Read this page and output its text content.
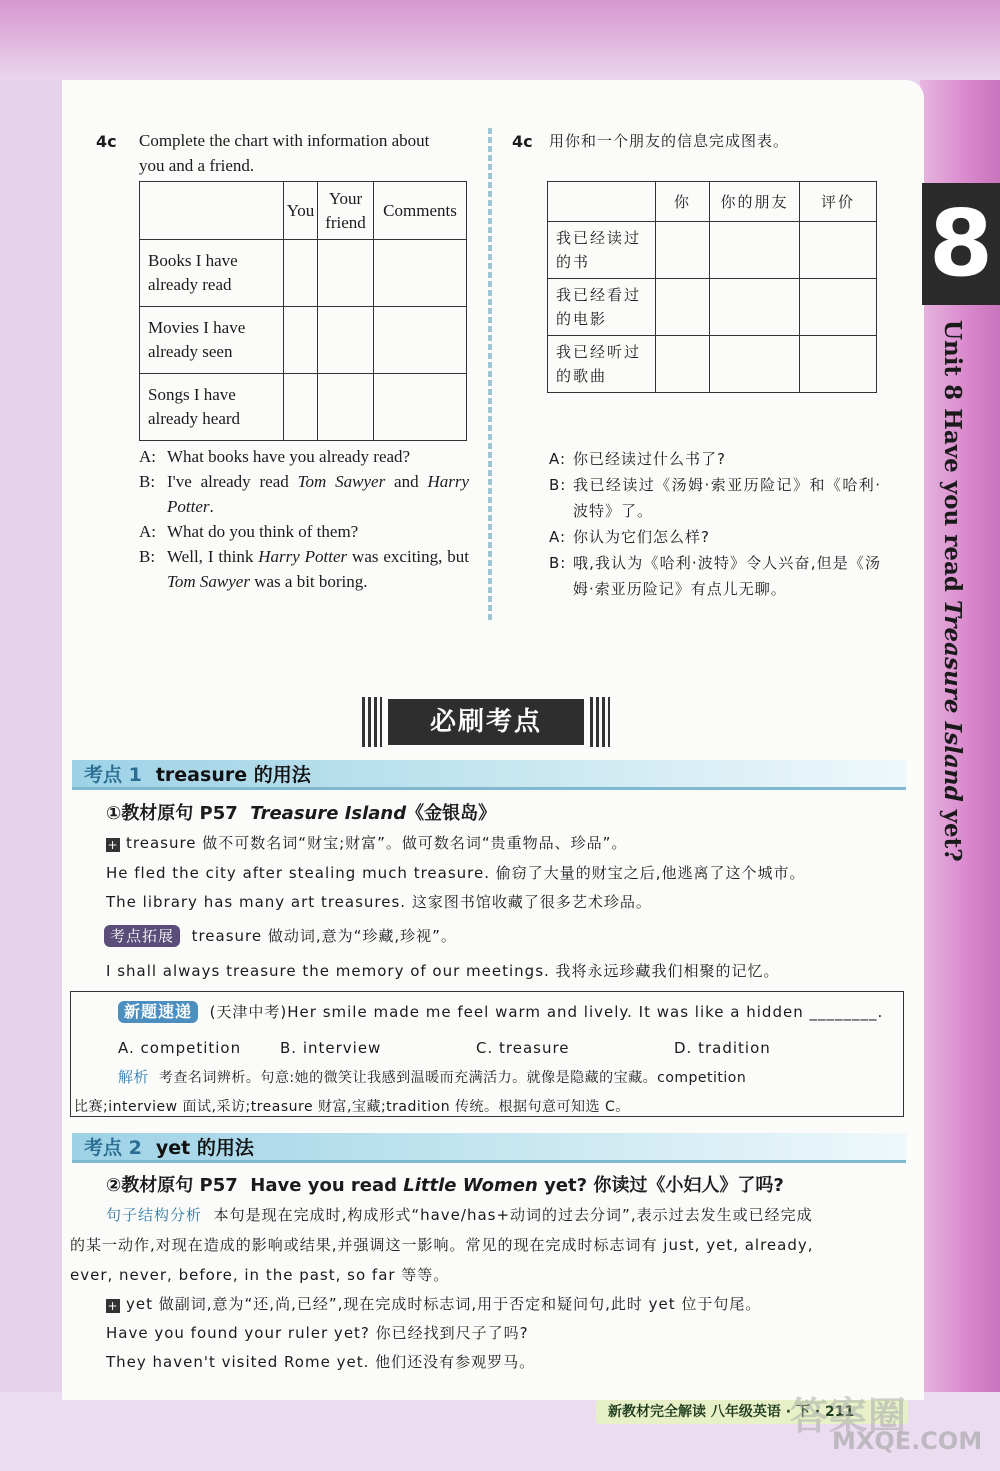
8
Unit 8 Have you read Treasure Island yet?
4c Complete the chart with information about
you and a friend.
	You	Your friend	Comments
Books I have already read			
Movies I have already seen			
Songs I have already heard			
A: What books have you already read?
B: I've already read Tom Sawyer and Harry Potter.
A: What do you think of them?
B: Well, I think Harry Potter was exciting, but Tom Sawyer was a bit boring.
4c 用你和一个朋友的信息完成图表。
	你	你的朋友	评价
我已经读过的书			
我已经看过的电影			
我已经听过的歌曲			
A: 你已经读过什么书了?
B: 我已经读过《汤姆·索亚历险记》和《哈利·波特》了。
A: 你认为它们怎么样?
B: 哦,我认为《哈利·波特》令人兴奋,但是《汤姆·索亚历险记》有点儿无聊。
必刷考点
考点 1 treasure 的用法
①教材原句 P57 Treasure Island《金银岛》
+ treasure 做不可数名词“财宝;财富”。做可数名词“贵重物品、珍品”。
He fled the city after stealing much treasure. 偷窃了大量的财宝之后,他逃离了这个城市。
The library has many art treasures. 这家图书馆收藏了很多艺术珍品。
考点拓展 treasure 做动词,意为“珍藏,珍视”。
I shall always treasure the memory of our meetings. 我将永远珍藏我们相聚的记忆。
新题速递 (天津中考)Her smile made me feel warm and lively. It was like a hidden ________.
A. competition	B. interview	C. treasure	D. tradition
解析 考查名词辨析。句意:她的微笑让我感到温暖而充满活力。就像是隐藏的宝藏。competition
比赛;interview 面试,采访;treasure 财富,宝藏;tradition 传统。根据句意可知选 C。
考点 2 yet 的用法
②教材原句 P57 Have you read Little Women yet? 你读过《小妇人》了吗?
句子结构分析 本句是现在完成时,构成形式“have/has+动词的过去分词”,表示过去发生或已经完成
的某一动作,对现在造成的影响或结果,并强调这一影响。常见的现在完成时标志词有 just, yet, already,
ever, never, before, in the past, so far 等等。
+ yet 做副词,意为“还,尚,已经”,现在完成时标志词,用于否定和疑问句,此时 yet 位于句尾。
Have you found your ruler yet? 你已经找到尺子了吗?
They haven't visited Rome yet. 他们还没有参观罗马。
新教材完全解读 八年级英语 · 下 · 211
答案圈
MXQE.COM
